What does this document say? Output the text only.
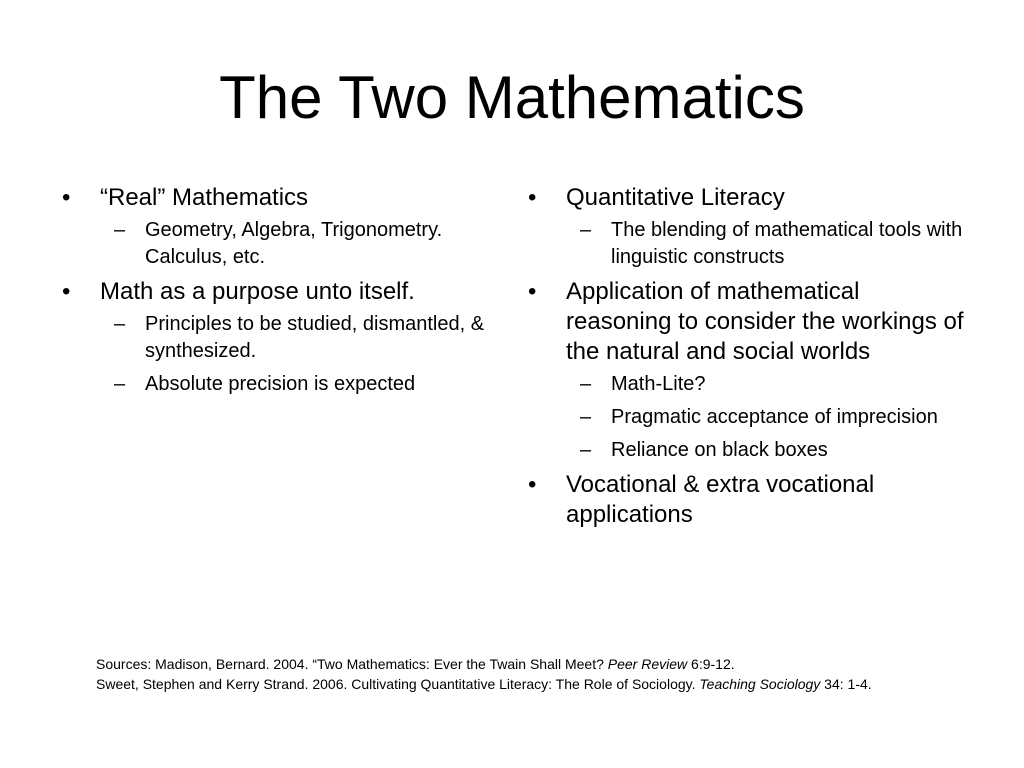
The Two Mathematics
• “Real” Mathematics
– Geometry, Algebra, Trigonometry. Calculus, etc.
• Math as a purpose unto itself.
– Principles to be studied, dismantled, & synthesized.
– Absolute precision is expected
• Quantitative Literacy
– The blending of mathematical tools with linguistic constructs
• Application of mathematical reasoning to consider the workings of the natural and social worlds
– Math-Lite?
– Pragmatic acceptance of imprecision
– Reliance on black boxes
• Vocational & extra vocational applications
Sources: Madison, Bernard. 2004. “Two Mathematics: Ever the Twain Shall Meet? Peer Review 6:9-12.
Sweet, Stephen and Kerry Strand. 2006. Cultivating Quantitative Literacy: The Role of Sociology. Teaching Sociology 34: 1-4.
